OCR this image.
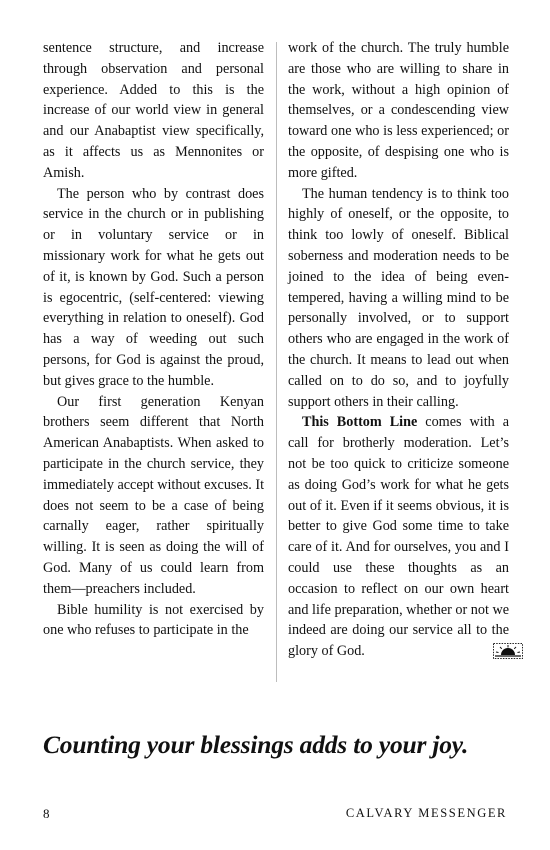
sentence structure, and increase through observation and personal experience. Added to this is the increase of our world view in general and our Anabaptist view specifically, as it affects us as Mennonites or Amish.

The person who by contrast does service in the church or in publishing or in voluntary service or in missionary work for what he gets out of it, is known by God. Such a person is egocentric, (self-centered: viewing everything in relation to oneself). God has a way of weeding out such persons, for God is against the proud, but gives grace to the humble.

Our first generation Kenyan brothers seem different that North American Anabaptists. When asked to participate in the church service, they immediately accept without excuses. It does not seem to be a case of being carnally eager, rather spiritually willing. It is seen as doing the will of God. Many of us could learn from them—preachers included.

Bible humility is not exercised by one who refuses to participate in the

work of the church. The truly humble are those who are willing to share in the work, without a high opinion of themselves, or a condescending view toward one who is less experienced; or the opposite, of despising one who is more gifted.

The human tendency is to think too highly of oneself, or the opposite, to think too lowly of oneself. Biblical soberness and moderation needs to be joined to the idea of being even-tempered, having a willing mind to be personally involved, or to support others who are engaged in the work of the church. It means to lead out when called on to do so, and to joyfully support others in their calling.

This Bottom Line comes with a call for brotherly moderation. Let’s not be too quick to criticize someone as doing God’s work for what he gets out of it. Even if it seems obvious, it is better to give God some time to take care of it. And for ourselves, you and I could use these thoughts as an occasion to reflect on our own heart and life preparation, whether or not we indeed are doing our service all to the glory of God.

Counting your blessings adds to your joy.
8	CALVARY MESSENGER
